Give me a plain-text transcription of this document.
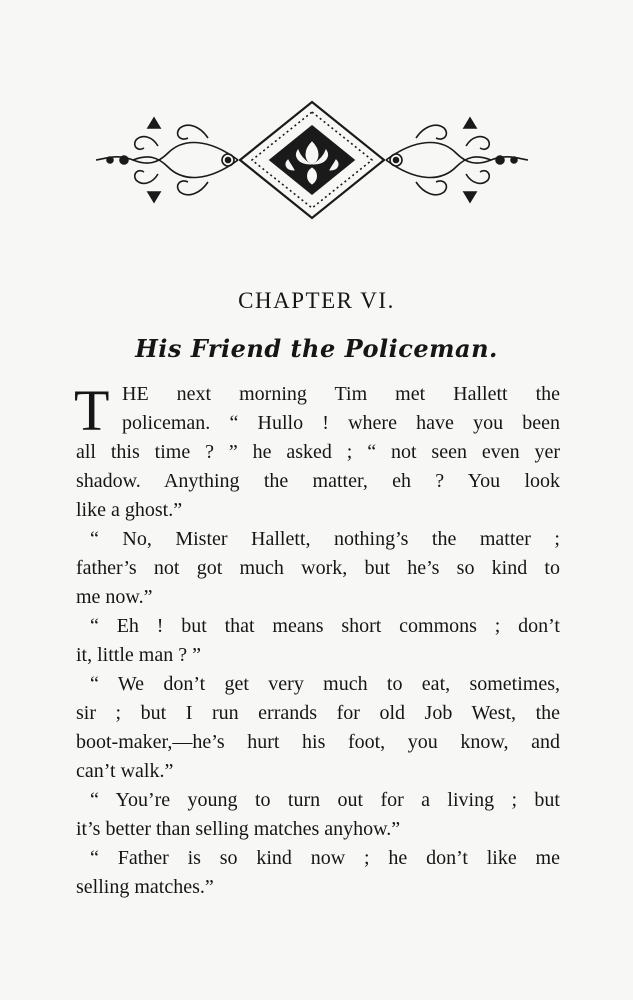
CHAPTER VI.
His Friend the Policeman.
T HE next morning Tim met Hallett the
policeman. “ Hullo ! where have you been
all this time ? ” he asked ; “ not seen even yer
shadow. Anything the matter, eh ? You look
like a ghost.”
“ No, Mister Hallett, nothing’s the matter ;
father’s not got much work, but he’s so kind to
me now.”
“ Eh ! but that means short commons ; don’t
it, little man ? ”
“ We don’t get very much to eat, sometimes,
sir ; but I run errands for old Job West, the
boot-maker,—he’s hurt his foot, you know, and
can’t walk.”
“ You’re young to turn out for a living ; but
it’s better than selling matches anyhow.”
“ Father is so kind now ; he don’t like me
selling matches.”
